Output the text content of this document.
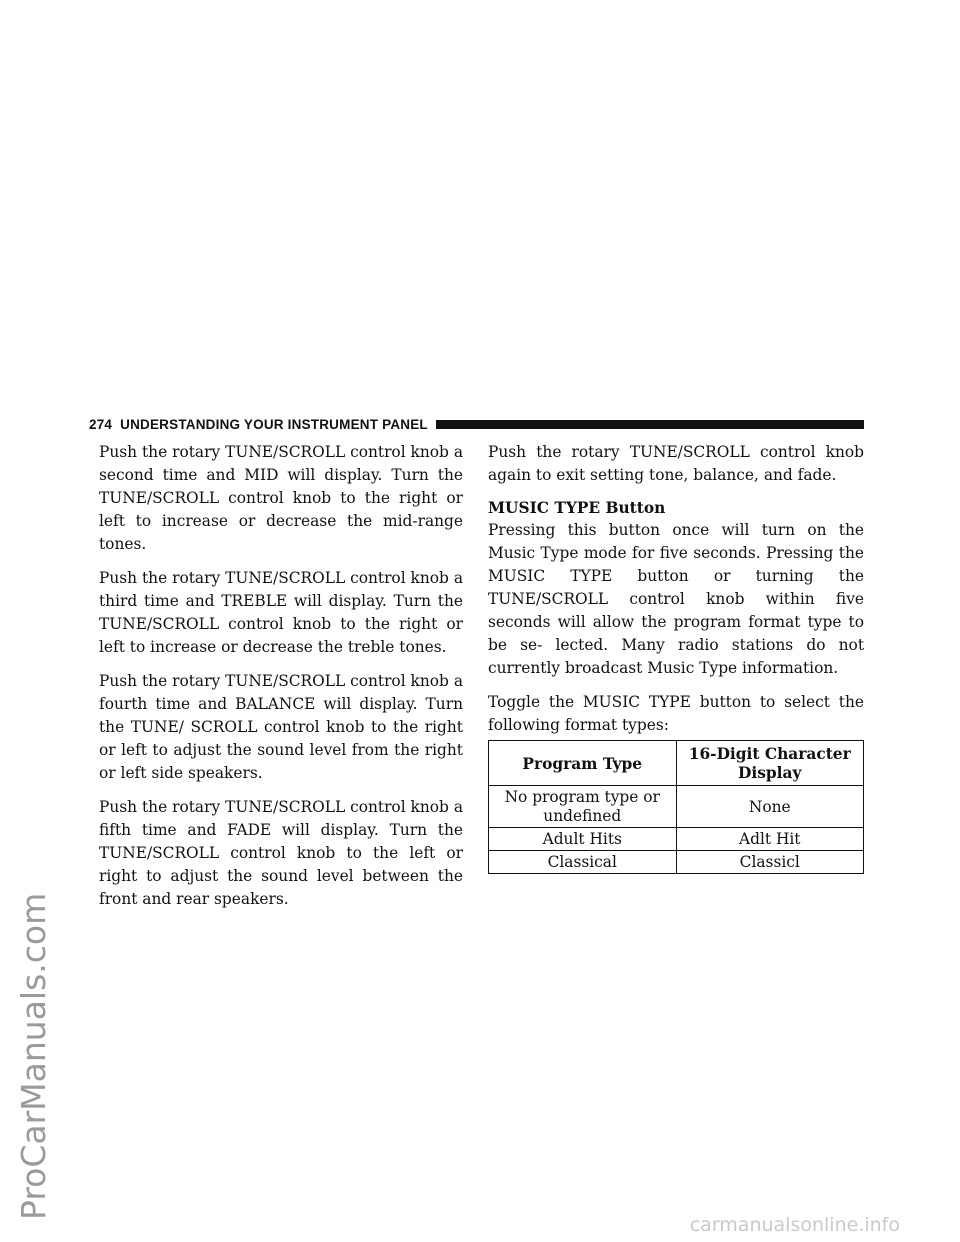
ProCarManuals.com
274 UNDERSTANDING YOUR INSTRUMENT PANEL

Push the rotary TUNE/SCROLL control knob a second time and MID will display. Turn the TUNE/SCROLL control knob to the right or left to increase or decrease the mid-range tones.

Push the rotary TUNE/SCROLL control knob a third time and TREBLE will display. Turn the TUNE/SCROLL control knob to the right or left to increase or decrease the treble tones.

Push the rotary TUNE/SCROLL control knob a fourth time and BALANCE will display. Turn the TUNE/ SCROLL control knob to the right or left to adjust the sound level from the right or left side speakers.

Push the rotary TUNE/SCROLL control knob a fifth time and FADE will display. Turn the TUNE/SCROLL control knob to the left or right to adjust the sound level between the front and rear speakers.

Push the rotary TUNE/SCROLL control knob again to exit setting tone, balance, and fade.

MUSIC TYPE Button

Pressing this button once will turn on the Music Type mode for five seconds. Pressing the MUSIC TYPE button or turning the TUNE/SCROLL control knob within five seconds will allow the program format type to be se- lected. Many radio stations do not currently broadcast Music Type information.

Toggle the MUSIC TYPE button to select the following format types:

Program Type	16-Digit Character Display
No program type or undefined	None
Adult Hits	Adlt Hit
Classical	Classicl
carmanualsonline.info
